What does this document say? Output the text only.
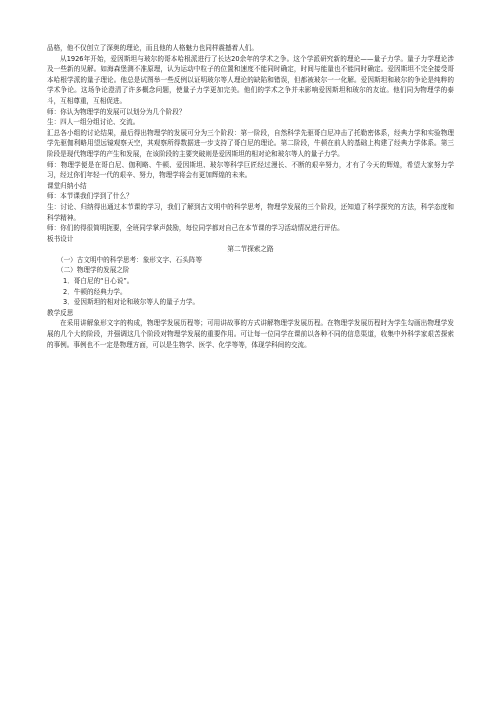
品格，他不仅创立了深奥的理论，而且他的人格魅力也同样震撼着人们。

从1926年开始，爱因斯坦与玻尔的哥本哈根派进行了长达20余年的学术之争。这个学派研究新的理论——量子力学。量子力学理论涉及一些新的见解。如海森堡测不准原理，认为运动中粒子的位置和速度不能同时确定，时间与能量也不能同时确定。爱因斯坦不完全接受哥本哈根学派的量子理论。他总是试图举一些反例以证明玻尔等人理论的缺陷和错误，但都被玻尔一一化解。爱因斯坦和玻尔的争论是纯粹的学术争论。这场争论澄清了许多概念问题，使量子力学更加完美。他们的学术之争并未影响爱因斯坦和玻尔的友谊。他们同为物理学的泰斗，互相尊重，互相促进。

师：你认为物理学的发展可以划分为几个阶段？

生：四人一组分组讨论、交流。

汇总各小组的讨论结果，最后得出物理学的发展可分为三个阶段：第一阶段，自然科学先驱哥白尼冲击了托勒密体系，经典力学和实验物理学先驱伽利略用望远镜观察天空，其观察所得数据进一步支持了哥白尼的理论。第二阶段，牛顿在前人的基础上构建了经典力学体系。第三阶段是现代物理学的产生和发展，在该阶段的主要突破则是爱因斯坦的相对论和玻尔等人的量子力学。

师：物理学便是在哥白尼、伽利略、牛顿、爱因斯坦、玻尔等科学巨匠经过漫长、不断的艰辛努力，才有了今天的辉煌，希望大家努力学习，经过你们年轻一代的艰辛、努力，物理学将会有更加辉煌的未来。

课堂归纳小结

师：本节课我们学到了什么？

生：讨论、归纳得出通过本节课的学习，我们了解到古文明中的科学思考，物理学发展的三个阶段，还知道了科学探究的方法，科学态度和科学精神。

师：你们的得很简明扼要，全班同学掌声鼓励，每位同学都对自己在本节课的学习活动情况进行评估。

板书设计

第二节探索之路

（一）古文明中的科学思考：象形文字、石头阵等

（二）物理学的发展之阶

1．哥白尼的“日心说”。

2．牛顿的经典力学。

3．爱因斯坦的相对论和玻尔等人的量子力学。

教学反思

在采用讲解象形文字的构成，物理学发展历程等；可用讲故事的方式讲解物理学发展历程。在物理学发展历程时为学生勾画出物理学发展的几个大的阶段，并强调这几个阶段对物理学发展的重要作用。可让每一位同学在课前以各种不同的信息渠道，收集中外科学家艰苦探索的事例。事例也不一定是物理方面，可以是生物学、医学、化学等等，体现学科间的交流。
